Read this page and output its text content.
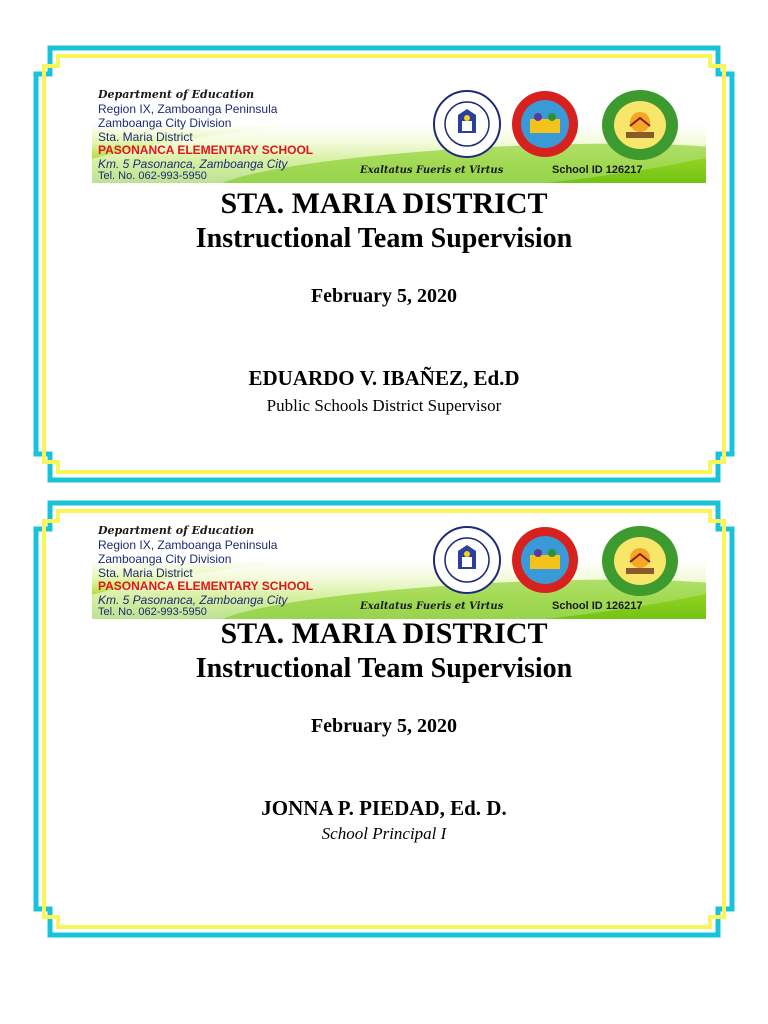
Department of Education
Region IX, Zamboanga Peninsula
Zamboanga City Division
Sta. Maria District
PASONANCA ELEMENTARY SCHOOL
Km. 5 Pasonanca, Zamboanga City
Tel. No. 062-993-5950	Exaltatus Fueris et Virtus	School ID 126217
STA. MARIA DISTRICT
Instructional Team Supervision
February 5, 2020
EDUARDO V. IBAÑEZ, Ed.D
Public Schools District Supervisor
Department of Education
Region IX, Zamboanga Peninsula
Zamboanga City Division
Sta. Maria District
PASONANCA ELEMENTARY SCHOOL
Km. 5 Pasonanca, Zamboanga City
Tel. No. 062-993-5950	Exaltatus Fueris et Virtus	School ID 126217
STA. MARIA DISTRICT
Instructional Team Supervision
February 5, 2020
JONNA P. PIEDAD, Ed. D.
School Principal I
